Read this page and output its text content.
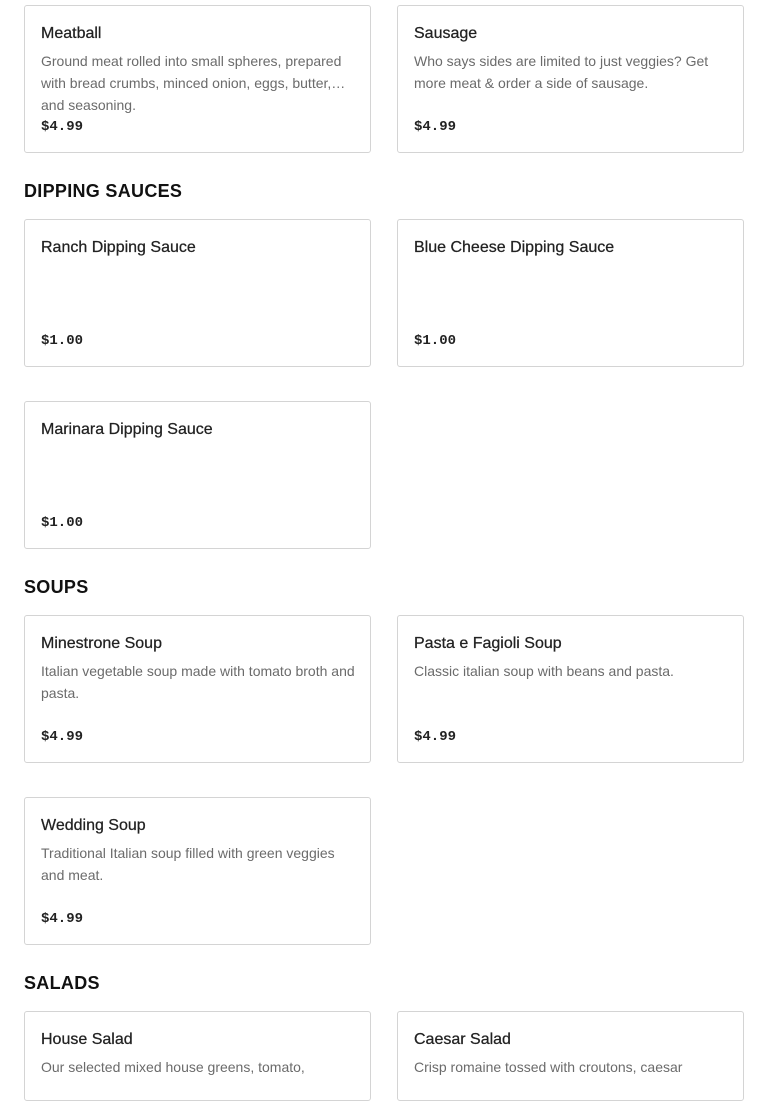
Meatball
Ground meat rolled into small spheres, prepared with bread crumbs, minced onion, eggs, butter, and seasoning.
$4.99
Sausage
Who says sides are limited to just veggies? Get more meat & order a side of sausage.
$4.99
DIPPING SAUCES
Ranch Dipping Sauce
$1.00
Blue Cheese Dipping Sauce
$1.00
Marinara Dipping Sauce
$1.00
SOUPS
Minestrone Soup
Italian vegetable soup made with tomato broth and pasta.
$4.99
Pasta e Fagioli Soup
Classic italian soup with beans and pasta.
$4.99
Wedding Soup
Traditional Italian soup filled with green veggies and meat.
$4.99
SALADS
House Salad
Our selected mixed house greens, tomato,
Caesar Salad
Crisp romaine tossed with croutons, caesar
